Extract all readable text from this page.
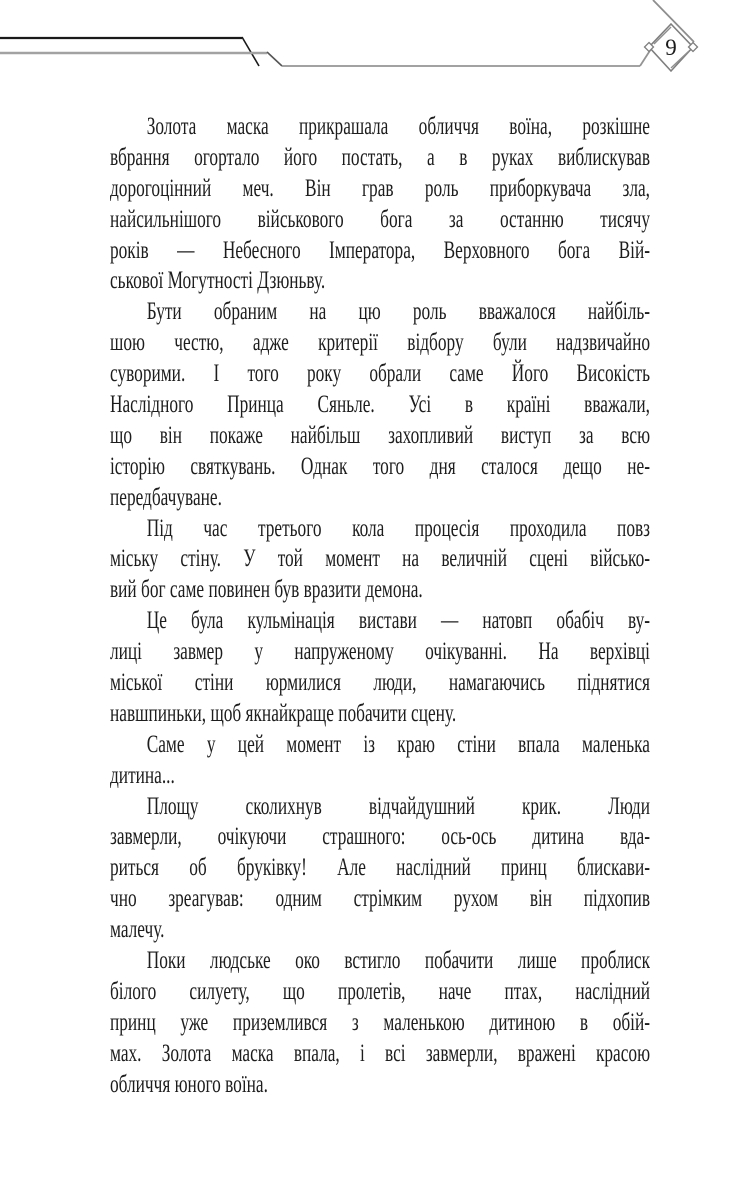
9
Золота маска прикрашала обличчя воїна, розкішне
вбрання огортало його постать, а в руках виблискував
дорогоцінний меч. Він грав роль приборкувача зла,
найсильнішого військового бога за останню тисячу
років — Небесного Імператора, Верховного бога Вій-
ськової Могутності Дзюньву.
Бути обраним на цю роль вважалося найбіль-
шою честю, адже критерії відбору були надзвичайно
суворими. І того року обрали саме Його Високість
Наслідного Принца Сяньле. Усі в країні вважали,
що він покаже найбільш захопливий виступ за всю
історію святкувань. Однак того дня сталося дещо не-
передбачуване.
Під час третього кола процесія проходила повз
міську стіну. У той момент на величній сцені військо-
вий бог саме повинен був вразити демона.
Це була кульмінація вистави — натовп обабіч ву-
лиці завмер у напруженому очікуванні. На верхівці
міської стіни юрмилися люди, намагаючись піднятися
навшпиньки, щоб якнайкраще побачити сцену.
Саме у цей момент із краю стіни впала маленька
дитина...
Площу сколихнув відчайдушний крик. Люди
завмерли, очікуючи страшного: ось-ось дитина вда-
риться об бруківку! Але наслідний принц блискави-
чно зреагував: одним стрімким рухом він підхопив
малечу.
Поки людське око встигло побачити лише проблиск
білого силуету, що пролетів, наче птах, наслідний
принц уже приземлився з маленькою дитиною в обій-
мах. Золота маска впала, і всі завмерли, вражені красою
обличчя юного воїна.
